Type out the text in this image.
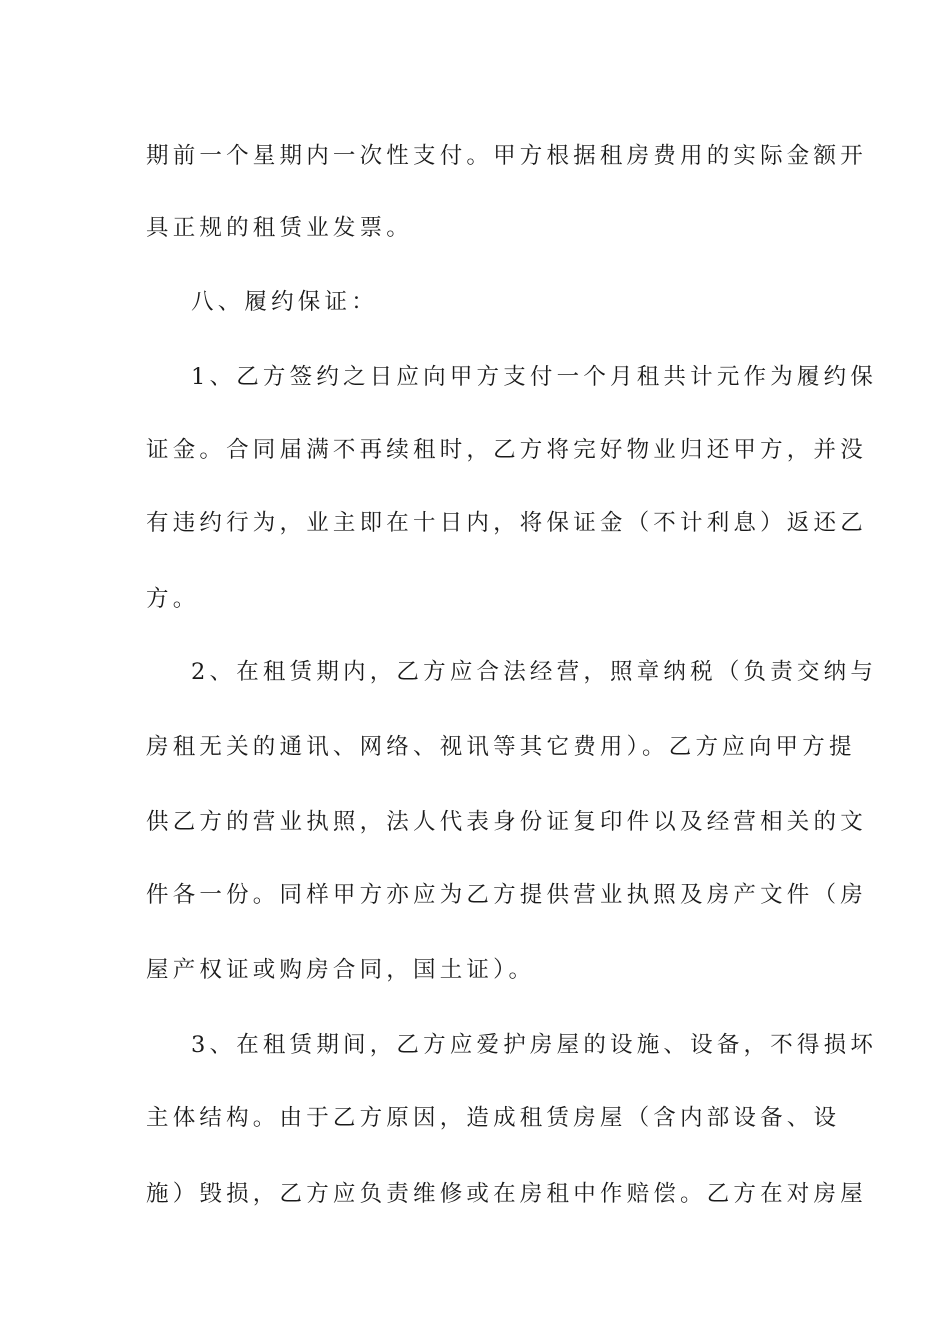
期前一个星期内一次性支付。甲方根据租房费用的实际金额开
具正规的租赁业发票。
八、履约保证：
1、乙方签约之日应向甲方支付一个月租共计元作为履约保
证金。合同届满不再续租时，乙方将完好物业归还甲方，并没
有违约行为，业主即在十日内，将保证金（不计利息）返还乙
方。
2、在租赁期内，乙方应合法经营，照章纳税（负责交纳与
房租无关的通讯、网络、视讯等其它费用）。乙方应向甲方提
供乙方的营业执照，法人代表身份证复印件以及经营相关的文
件各一份。同样甲方亦应为乙方提供营业执照及房产文件（房
屋产权证或购房合同，国土证）。
3、在租赁期间，乙方应爱护房屋的设施、设备，不得损坏
主体结构。由于乙方原因，造成租赁房屋（含内部设备、设
施）毁损，乙方应负责维修或在房租中作赔偿。乙方在对房屋
